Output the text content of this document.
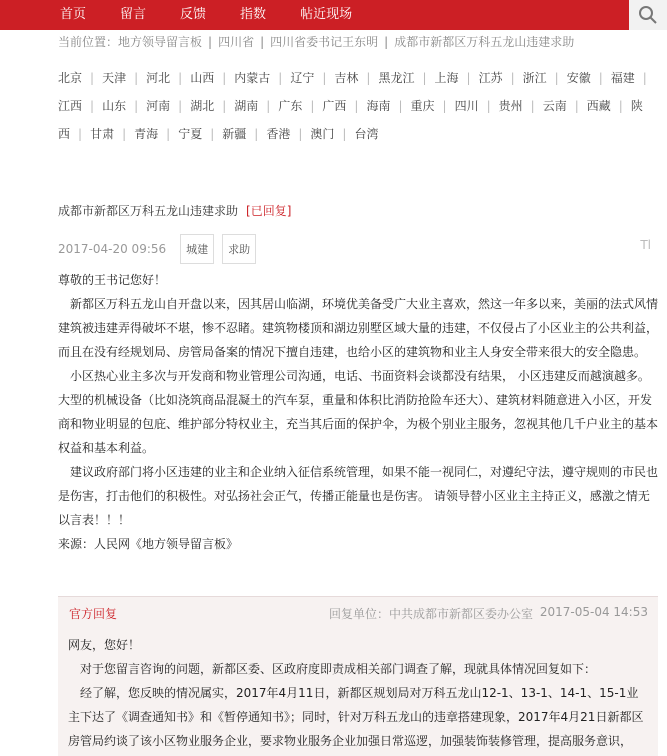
首页	留言	反馈	指数	帖近现场
当前位置：地方领导留言板 | 四川省 | 四川省委书记王东明 | 成都市新都区万科五龙山违建求助
北京 | 天津 | 河北 | 山西 | 内蒙古 | 辽宁 | 吉林 | 黑龙江 | 上海 | 江苏 | 浙江 | 安徽 | 福建 |江西 | 山东 | 河南 | 湖北 | 湖南 | 广东 | 广西 | 海南 | 重庆 | 四川 | 贵州 | 云南 | 西藏 | 陕西 | 甘肃 | 青海 | 宁夏 | 新疆 | 香港 | 澳门 | 台湾
成都市新都区万科五龙山违建求助 [已回复]
2017-04-20 09:56	城建	求助	Tl

尊敬的王书记您好！

　新都区万科五龙山自开盘以来，因其居山临湖，环境优美备受广大业主喜欢，然这一年多以来，美丽的法式风情建筑被违建弄得破坏不堪，惨不忍睹。建筑物楼顶和湖边别墅区域大量的违建，不仅侵占了小区业主的公共利益，而且在没有经规划局、房管局备案的情况下擅自违建，也给小区的建筑物和业主人身安全带来很大的安全隐患。

　小区热心业主多次与开发商和物业管理公司沟通，电话、书面资料会谈都没有结果， 小区违建反而越演越多。 大型的机械设备（比如浇筑商品混凝土的汽车泵，重量和体积比消防抢险车还大）、建筑材料随意进入小区，开发商和物业明显的包庇、维护部分特权业主，充当其后面的保护伞，为极个别业主服务，忽视其他几千户业主的基本权益和基本利益。

　建议政府部门将小区违建的业主和企业纳入征信系统管理，如果不能一视同仁，对遵纪守法，遵守规则的市民也是伤害，打击他们的积极性。对弘扬社会正气，传播正能量也是伤害。 请领导替小区业主主持正义，感激之情无以言表！！！

来源：人民网《地方领导留言板》

官方回复	回复单位：中共成都市新都区委办公室 2017-05-04 14:53

网友，您好！

　对于您留言咨询的问题，新都区委、区政府度即责成相关部门调查了解，现就具体情况回复如下：

　经了解，您反映的情况属实，2017年4月11日，新都区规划局对万科五龙山12-1、13-1、14-1、15-1业主下达了《调查通知书》和《暂停通知书》；同时，针对万科五龙山的违章搭建现象，2017年4月21日新都区房管局约谈了该小区物业服务企业，要求物业服务企业加强日常巡逻，加强装饰装修管理，提高服务意识，
